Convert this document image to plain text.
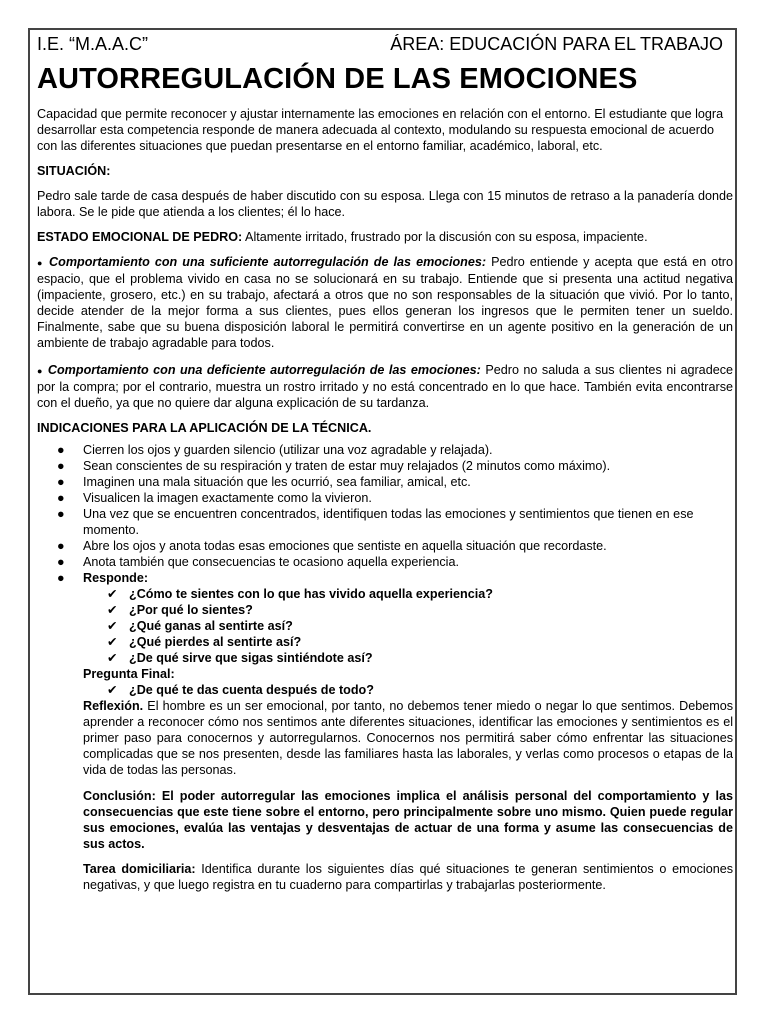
I.E. “M.A.A.C”	ÁREA: EDUCACIÓN PARA EL TRABAJO
AUTORREGULACIÓN DE LAS EMOCIONES

Capacidad que permite reconocer y ajustar internamente las emociones en relación con el entorno. El estudiante que logra desarrollar esta competencia responde de manera adecuada al contexto, modulando su respuesta emocional de acuerdo con las diferentes situaciones que puedan presentarse en el entorno familiar, académico, laboral, etc.

SITUACIÓN:

Pedro sale tarde de casa después de haber discutido con su esposa. Llega con 15 minutos de retraso a la panadería donde labora. Se le pide que atienda a los clientes; él lo hace.

ESTADO EMOCIONAL DE PEDRO: Altamente irritado, frustrado por la discusión con su esposa, impaciente.

● Comportamiento con una suficiente autorregulación de las emociones: Pedro entiende y acepta que está en otro espacio, que el problema vivido en casa no se solucionará en su trabajo. Entiende que si presenta una actitud negativa (impaciente, grosero, etc.) en su trabajo, afectará a otros que no son responsables de la situación que vivió. Por lo tanto, decide atender de la mejor forma a sus clientes, pues ellos generan los ingresos que le permiten tener un sueldo. Finalmente, sabe que su buena disposición laboral le permitirá convertirse en un agente positivo en la generación de un ambiente de trabajo agradable para todos.

● Comportamiento con una deficiente autorregulación de las emociones: Pedro no saluda a sus clientes ni agradece por la compra; por el contrario, muestra un rostro irritado y no está concentrado en lo que hace. También evita encontrarse con el dueño, ya que no quiere dar alguna explicación de su tardanza.

INDICACIONES PARA LA APLICACIÓN DE LA TÉCNICA.

● Cierren los ojos y guarden silencio (utilizar una voz agradable y relajada).
● Sean conscientes de su respiración y traten de estar muy relajados (2 minutos como máximo).
● Imaginen una mala situación que les ocurrió, sea familiar, amical, etc.
● Visualicen la imagen exactamente como la vivieron.
● Una vez que se encuentren concentrados, identifiquen todas las emociones y sentimientos que tienen en ese momento.
● Abre los ojos y anota todas esas emociones que sentiste en aquella situación que recordaste.
● Anota también que consecuencias te ocasiono aquella experiencia.
● Responde:
✔ ¿Cómo te sientes con lo que has vivido aquella experiencia?
✔ ¿Por qué lo sientes?
✔ ¿Qué ganas al sentirte así?
✔ ¿Qué pierdes al sentirte así?
✔ ¿De qué sirve que sigas sintiéndote así?

Pregunta Final:

✔ ¿De qué te das cuenta después de todo?

Reflexión. El hombre es un ser emocional, por tanto, no debemos tener miedo o negar lo que sentimos. Debemos aprender a reconocer cómo nos sentimos ante diferentes situaciones, identificar las emociones y sentimientos es el primer paso para conocernos y autorregularnos. Conocernos nos permitirá saber cómo enfrentar las situaciones complicadas que se nos presenten, desde las familiares hasta las laborales, y verlas como procesos o etapas de la vida de todas las personas.

Conclusión: El poder autorregular las emociones implica el análisis personal del comportamiento y las consecuencias que este tiene sobre el entorno, pero principalmente sobre uno mismo. Quien puede regular sus emociones, evalúa las ventajas y desventajas de actuar de una forma y asume las consecuencias de sus actos.

Tarea domiciliaria: Identifica durante los siguientes días qué situaciones te generan sentimientos o emociones negativas, y que luego registra en tu cuaderno para compartirlas y trabajarlas posteriormente.
